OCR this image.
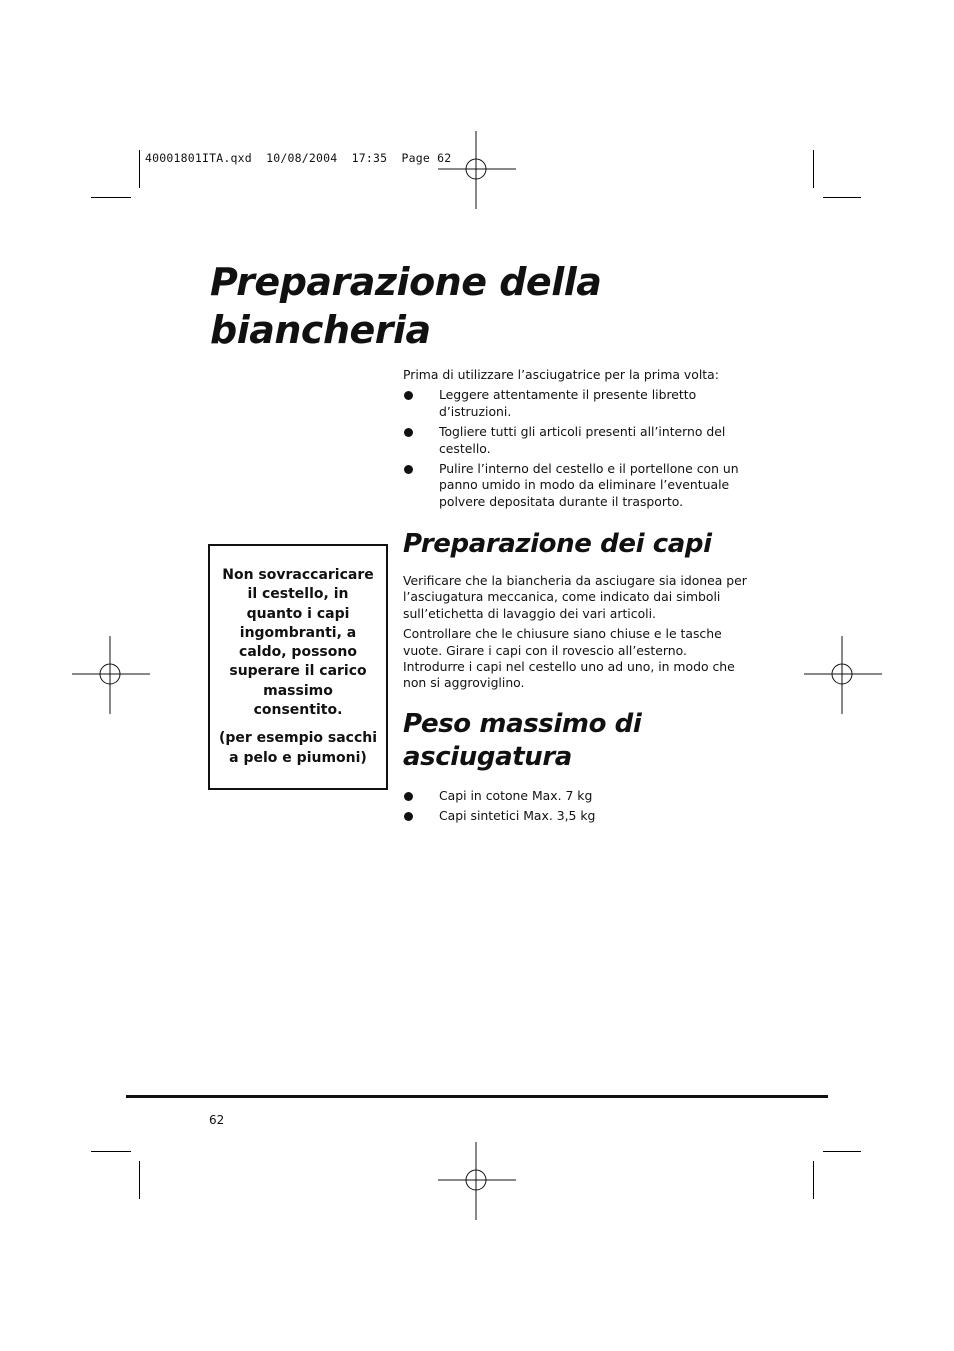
40001801ITA.qxd  10/08/2004  17:35  Page 62
Preparazione della
biancheria

Prima di utilizzare l’asciugatrice per la prima volta:

Leggere attentamente il presente libretto d’istruzioni.
Togliere tutti gli articoli presenti all’interno del cestello.
Pulire l’interno del cestello e il portellone con un panno umido in modo da eliminare l’eventuale polvere depositata durante il trasporto.
Preparazione dei capi

Verificare che la biancheria da asciugare sia idonea per l’asciugatura meccanica, come indicato dai simboli sull’etichetta di lavaggio dei vari articoli.

Controllare che le chiusure siano chiuse e le tasche vuote. Girare i capi con il rovescio all’esterno. Introdurre i capi nel cestello uno ad uno, in modo che non si aggroviglino.

Peso massimo di
asciugatura
Capi in cotone Max. 7 kg
Capi sintetici Max. 3,5 kg

Non sovraccaricare il cestello, in quanto i capi ingombranti, a caldo, possono superare il carico massimo consentito.

(per esempio sacchi a pelo e piumoni)

62
